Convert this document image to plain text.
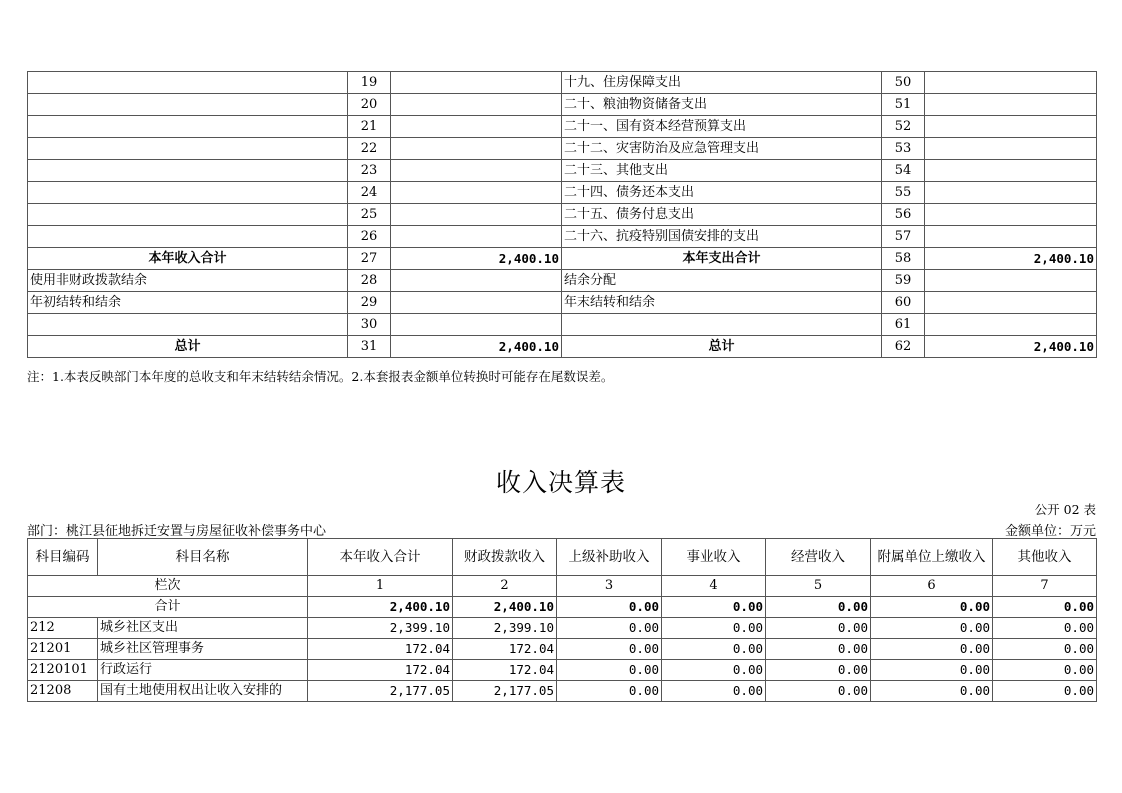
	19		十九、住房保障支出	50	
	20		二十、粮油物资储备支出	51	
	21		二十一、国有资本经营预算支出	52	
	22		二十二、灾害防治及应急管理支出	53	
	23		二十三、其他支出	54	
	24		二十四、债务还本支出	55	
	25		二十五、债务付息支出	56	
	26		二十六、抗疫特别国债安排的支出	57	
本年收入合计	27	2,400.10	本年支出合计	58	2,400.10
使用非财政拨款结余	28		结余分配	59	
年初结转和结余	29		年末结转和结余	60	
	30			61	
总计	31	2,400.10	总计	62	2,400.10
注：1.本表反映部门本年度的总收支和年末结转结余情况。2.本套报表金额单位转换时可能存在尾数误差。
收入决算表
公开 02 表
部门：桃江县征地拆迁安置与房屋征收补偿事务中心	金额单位：万元
科目编码	科目名称	本年收入合计	财政拨款收入	上级补助收入	事业收入	经营收入	附属单位上缴收入	其他收入
栏次		1	2	3	4	5	6	7
合计		2,400.10	2,400.10	0.00	0.00	0.00	0.00	0.00
212	城乡社区支出	2,399.10	2,399.10	0.00	0.00	0.00	0.00	0.00
21201	城乡社区管理事务	172.04	172.04	0.00	0.00	0.00	0.00	0.00
2120101	行政运行	172.04	172.04	0.00	0.00	0.00	0.00	0.00
21208	国有土地使用权出让收入安排的	2,177.05	2,177.05	0.00	0.00	0.00	0.00	0.00
